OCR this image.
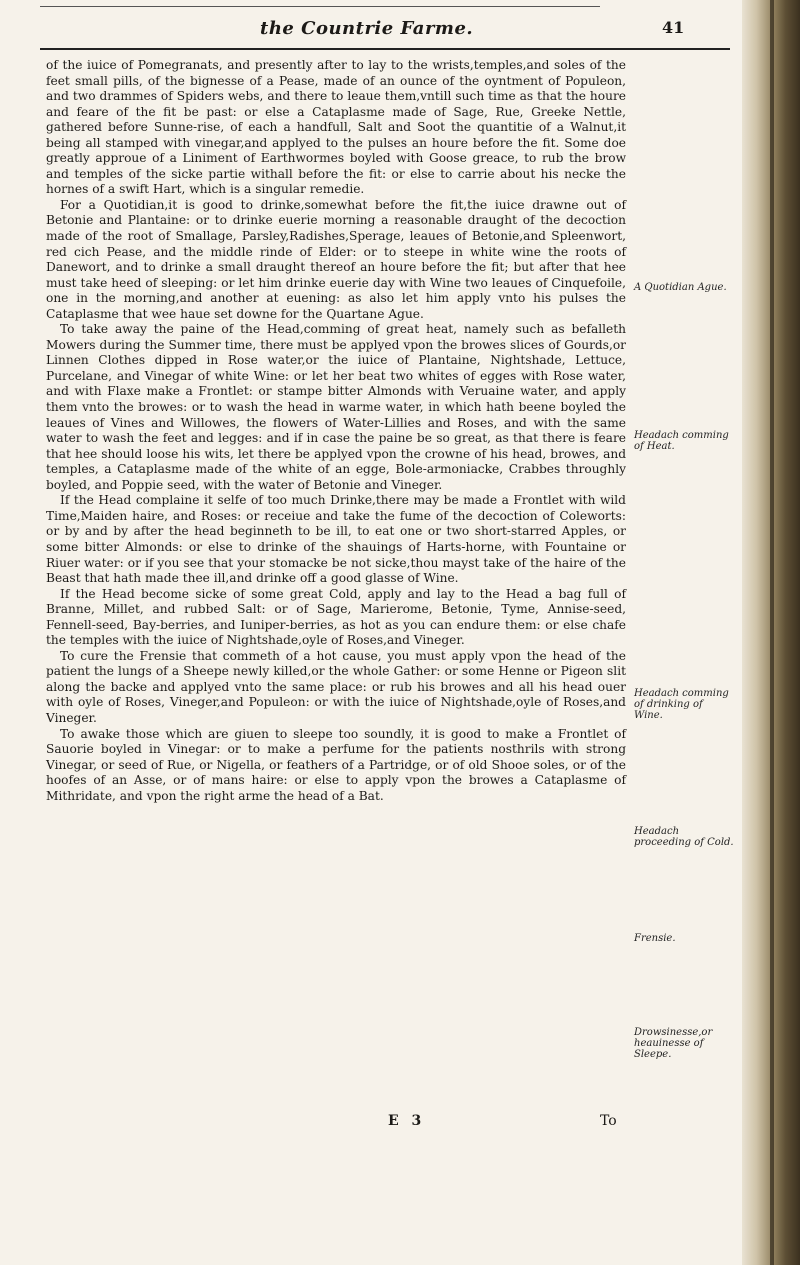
the Countrie Farme.	41

of the iuice of Pomegranats, and presently after to lay to the wrists,temples,and soles of the feet small pills, of the bignesse of a Pease, made of an ounce of the oyntment of Populeon, and two drammes of Spiders webs, and there to leaue them,vntill such time as that the houre and feare of the fit be past: or else a Cataplasme made of Sage, Rue, Greeke Nettle, gathered before Sunne-rise, of each a handfull, Salt and Soot the quantitie of a Walnut,it being all stamped with vinegar,and applyed to the pulses an houre before the fit. Some doe greatly approue of a Liniment of Earthwormes boyled with Goose greace, to rub the brow and temples of the sicke partie withall before the fit: or else to carrie about his necke the hornes of a swift Hart, which is a singular remedie.

For a Quotidian,it is good to drinke,somewhat before the fit,the iuice drawne out of Betonie and Plantaine: or to drinke euerie morning a reasonable draught of the decoction made of the root of Smallage, Parsley,Radishes,Sperage, leaues of Betonie,and Spleenwort, red cich Pease, and the middle rinde of Elder: or to steepe in white wine the roots of Danewort, and to drinke a small draught thereof an houre before the fit; but after that hee must take heed of sleeping: or let him drinke euerie day with Wine two leaues of Cinquefoile, one in the morning,and another at euening: as also let him apply vnto his pulses the Cataplasme that wee haue set downe for the Quartane Ague.

To take away the paine of the Head,comming of great heat, namely such as befalleth Mowers during the Summer time, there must be applyed vpon the browes slices of Gourds,or Linnen Clothes dipped in Rose water,or the iuice of Plantaine, Nightshade, Lettuce, Purcelane, and Vinegar of white Wine: or let her beat two whites of egges with Rose water, and with Flaxe make a Frontlet: or stampe bitter Almonds with Veruaine water, and apply them vnto the browes: or to wash the head in warme water, in which hath beene boyled the leaues of Vines and Willowes, the flowers of Water-Lillies and Roses, and with the same water to wash the feet and legges: and if in case the paine be so great, as that there is feare that hee should loose his wits, let there be applyed vpon the crowne of his head, browes, and temples, a Cataplasme made of the white of an egge, Bole-armoniacke, Crabbes throughly boyled, and Poppie seed, with the water of Betonie and Vineger.

If the Head complaine it selfe of too much Drinke,there may be made a Frontlet with wild Time,Maiden haire, and Roses: or receiue and take the fume of the decoction of Coleworts: or by and by after the head beginneth to be ill, to eat one or two short-starred Apples, or some bitter Almonds: or else to drinke of the shauings of Harts-horne, with Fountaine or Riuer water: or if you see that your stomacke be not sicke,thou mayst take of the haire of the Beast that hath made thee ill,and drinke off a good glasse of Wine.

If the Head become sicke of some great Cold, apply and lay to the Head a bag full of Branne, Millet, and rubbed Salt: or of Sage, Marierome, Betonie, Tyme, Annise-seed, Fennell-seed, Bay-berries, and Iuniper-berries, as hot as you can endure them: or else chafe the temples with the iuice of Nightshade,oyle of Roses,and Vineger.

To cure the Frensie that commeth of a hot cause, you must apply vpon the head of the patient the lungs of a Sheepe newly killed,or the whole Gather: or some Henne or Pigeon slit along the backe and applyed vnto the same place: or rub his browes and all his head ouer with oyle of Roses, Vineger,and Populeon: or with the iuice of Nightshade,oyle of Roses,and Vineger.

To awake those which are giuen to sleepe too soundly, it is good to make a Frontlet of Sauorie boyled in Vinegar: or to make a perfume for the patients nosthrils with strong Vinegar, or seed of Rue, or Nigella, or feathers of a Partridge, or of old Shooe soles, or of the hoofes of an Asse, or of mans haire: or else to apply vpon the browes a Cataplasme of Mithridate, and vpon the right arme the head of a Bat.

A Quotidian Ague.
Headach comming of Heat.
Headach comming of drinking of Wine.
Headach proceeding of Cold.
Frensie.
Drowsinesse,or heauinesse of Sleepe.
E 3	To
